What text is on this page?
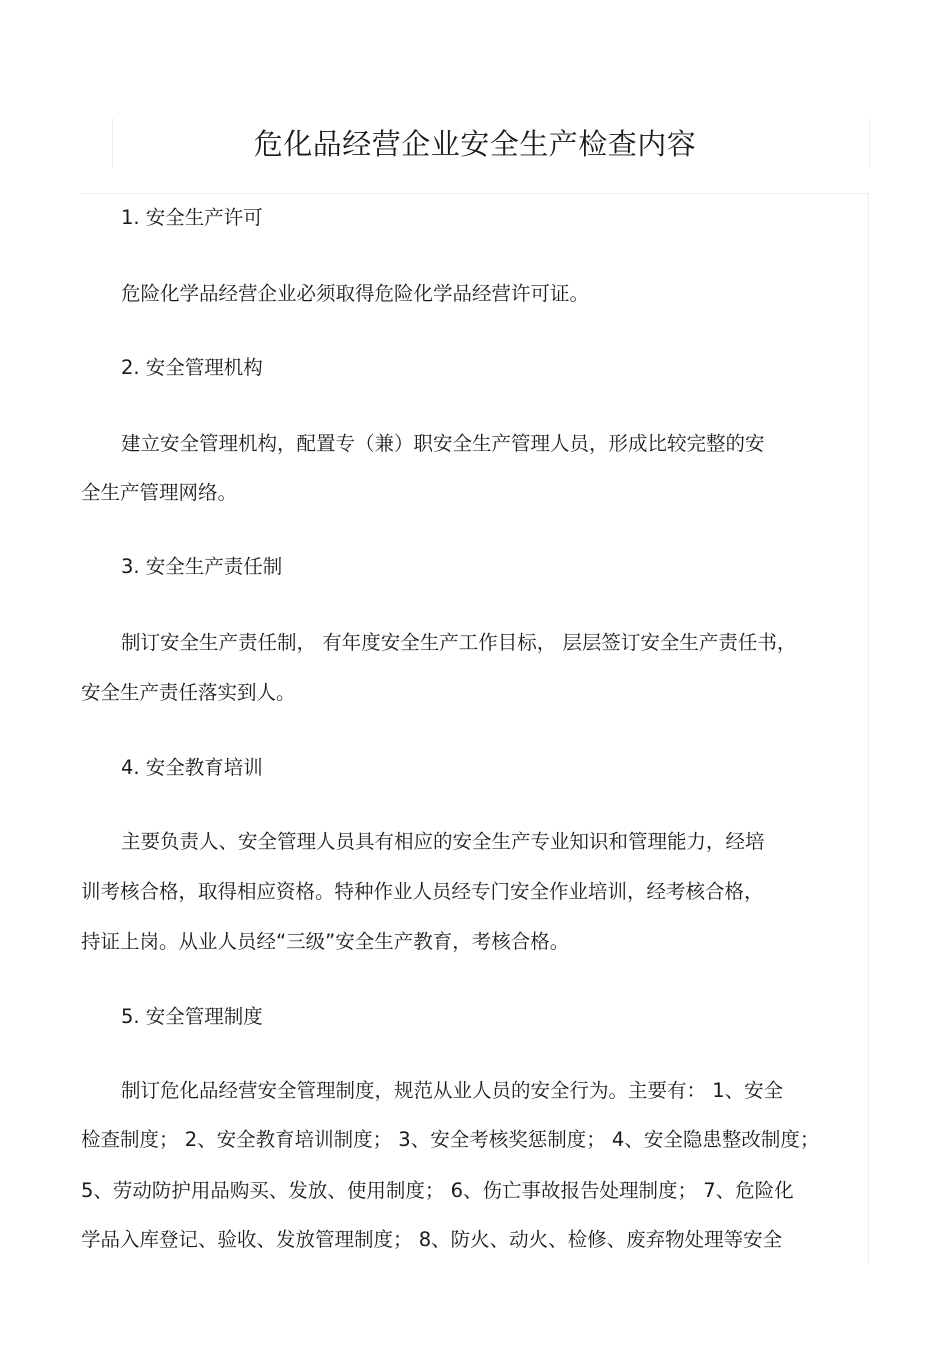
危化品经营企业安全生产检查内容

1. 安全生产许可

危险化学品经营企业必须取得危险化学品经营许可证。

2. 安全管理机构

建立安全管理机构，配置专（兼）职安全生产管理人员，形成比较完整的安

全生产管理网络。

3. 安全生产责任制

制订安全生产责任制， 有年度安全生产工作目标， 层层签订安全生产责任书，

安全生产责任落实到人。

4. 安全教育培训

主要负责人、安全管理人员具有相应的安全生产专业知识和管理能力，经培

训考核合格，取得相应资格。特种作业人员经专门安全作业培训，经考核合格，

持证上岗。从业人员经“三级”安全生产教育，考核合格。

5. 安全管理制度

制订危化品经营安全管理制度，规范从业人员的安全行为。主要有： 1、安全

检查制度； 2、安全教育培训制度； 3、安全考核奖惩制度； 4、安全隐患整改制度；

5、劳动防护用品购买、发放、使用制度； 6、伤亡事故报告处理制度； 7、危险化

学品入库登记、验收、发放管理制度； 8、防火、动火、检修、废弃物处理等安全
